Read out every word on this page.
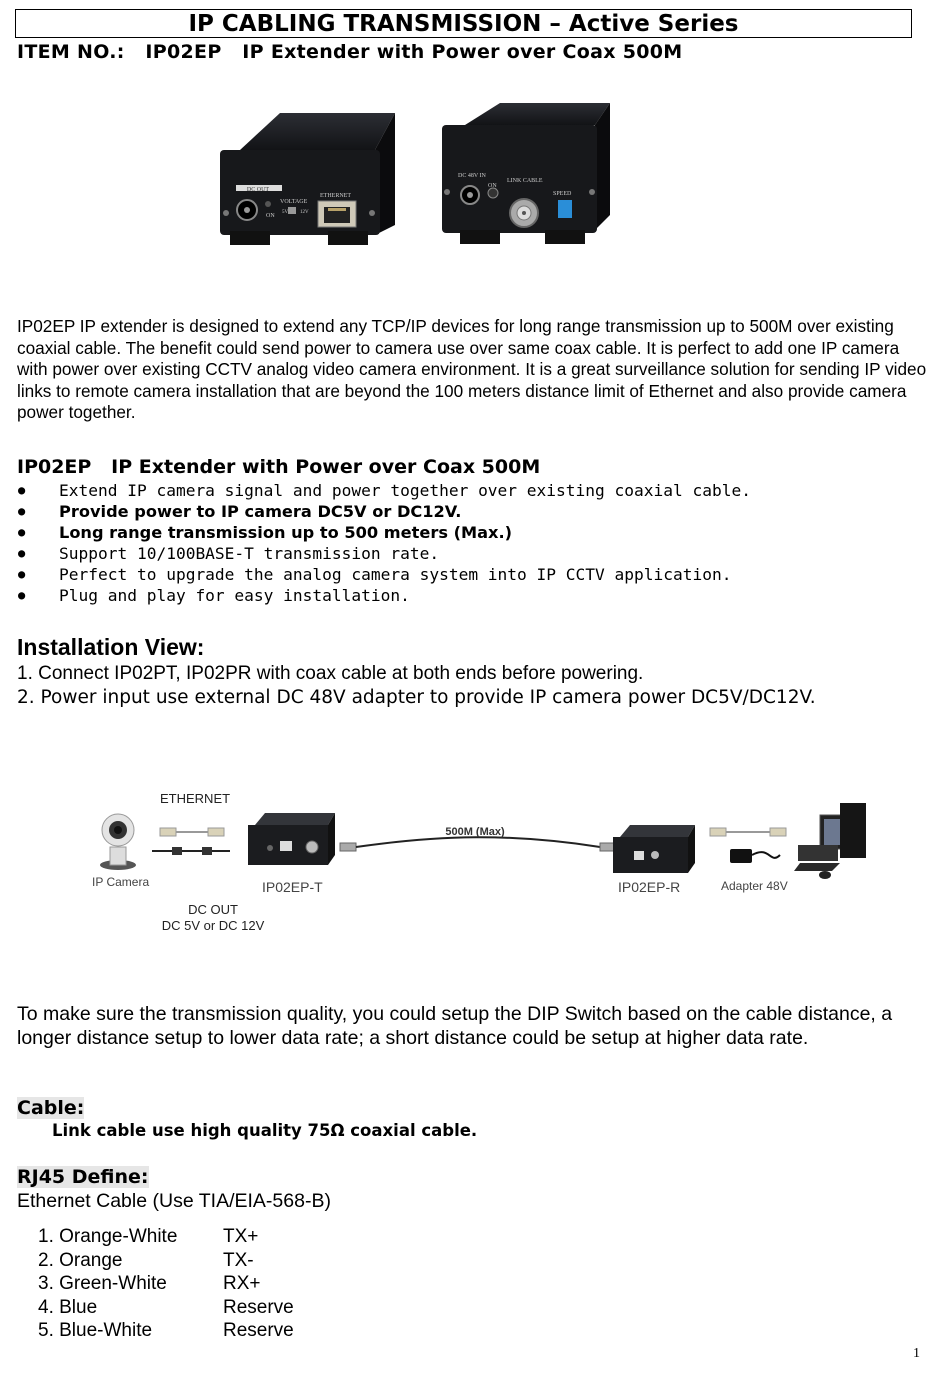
IP CABLING TRANSMISSION – Active Series
ITEM NO.:   IP02EP   IP Extender with Power over Coax 500M
DC OUT
ON
VOLTAGE
5V 12V
ETHERNET
DC 48V IN
ON
LINK CABLE
SPEED
IP02EP IP extender is designed to extend any TCP/IP devices for long range transmission up to 500M over existing coaxial cable. The benefit could send power to camera use over same coax cable. It is perfect to add one IP camera with power over existing CCTV analog video camera environment. It is a great surveillance solution for sending IP video links to remote camera installation that are beyond the 100 meters distance limit of Ethernet and also provide camera power together.
IP02EP   IP Extender with Power over Coax 500M
●	Extend IP camera signal and power together over existing coaxial cable.
●	Provide power to IP camera DC5V or DC12V.
●	Long range transmission up to 500 meters (Max.)
●	Support 10/100BASE-T transmission rate.
●	Perfect to upgrade the analog camera system into IP CCTV application.
●	Plug and play for easy installation.
Installation View:
1. Connect IP02PT, IP02PR with coax cable at both ends before powering.
2. Power input use external DC 48V adapter to provide IP camera power DC5V/DC12V.
ETHERNET
IP Camera	IP02EP-T
500M (Max)
IP02EP-R	Adapter 48V
DC OUT
DC 5V or DC 12V
To make sure the transmission quality, you could setup the DIP Switch based on the cable distance, a longer distance setup to lower data rate; a short distance could be setup at higher data rate.
Cable:
Link cable use high quality 75Ω coaxial cable.
RJ45 Define:
Ethernet Cable (Use TIA/EIA-568-B)
1. Orange-White	TX+
2. Orange	TX-
3. Green-White	RX+
4. Blue	Reserve
5. Blue-White	Reserve
1
